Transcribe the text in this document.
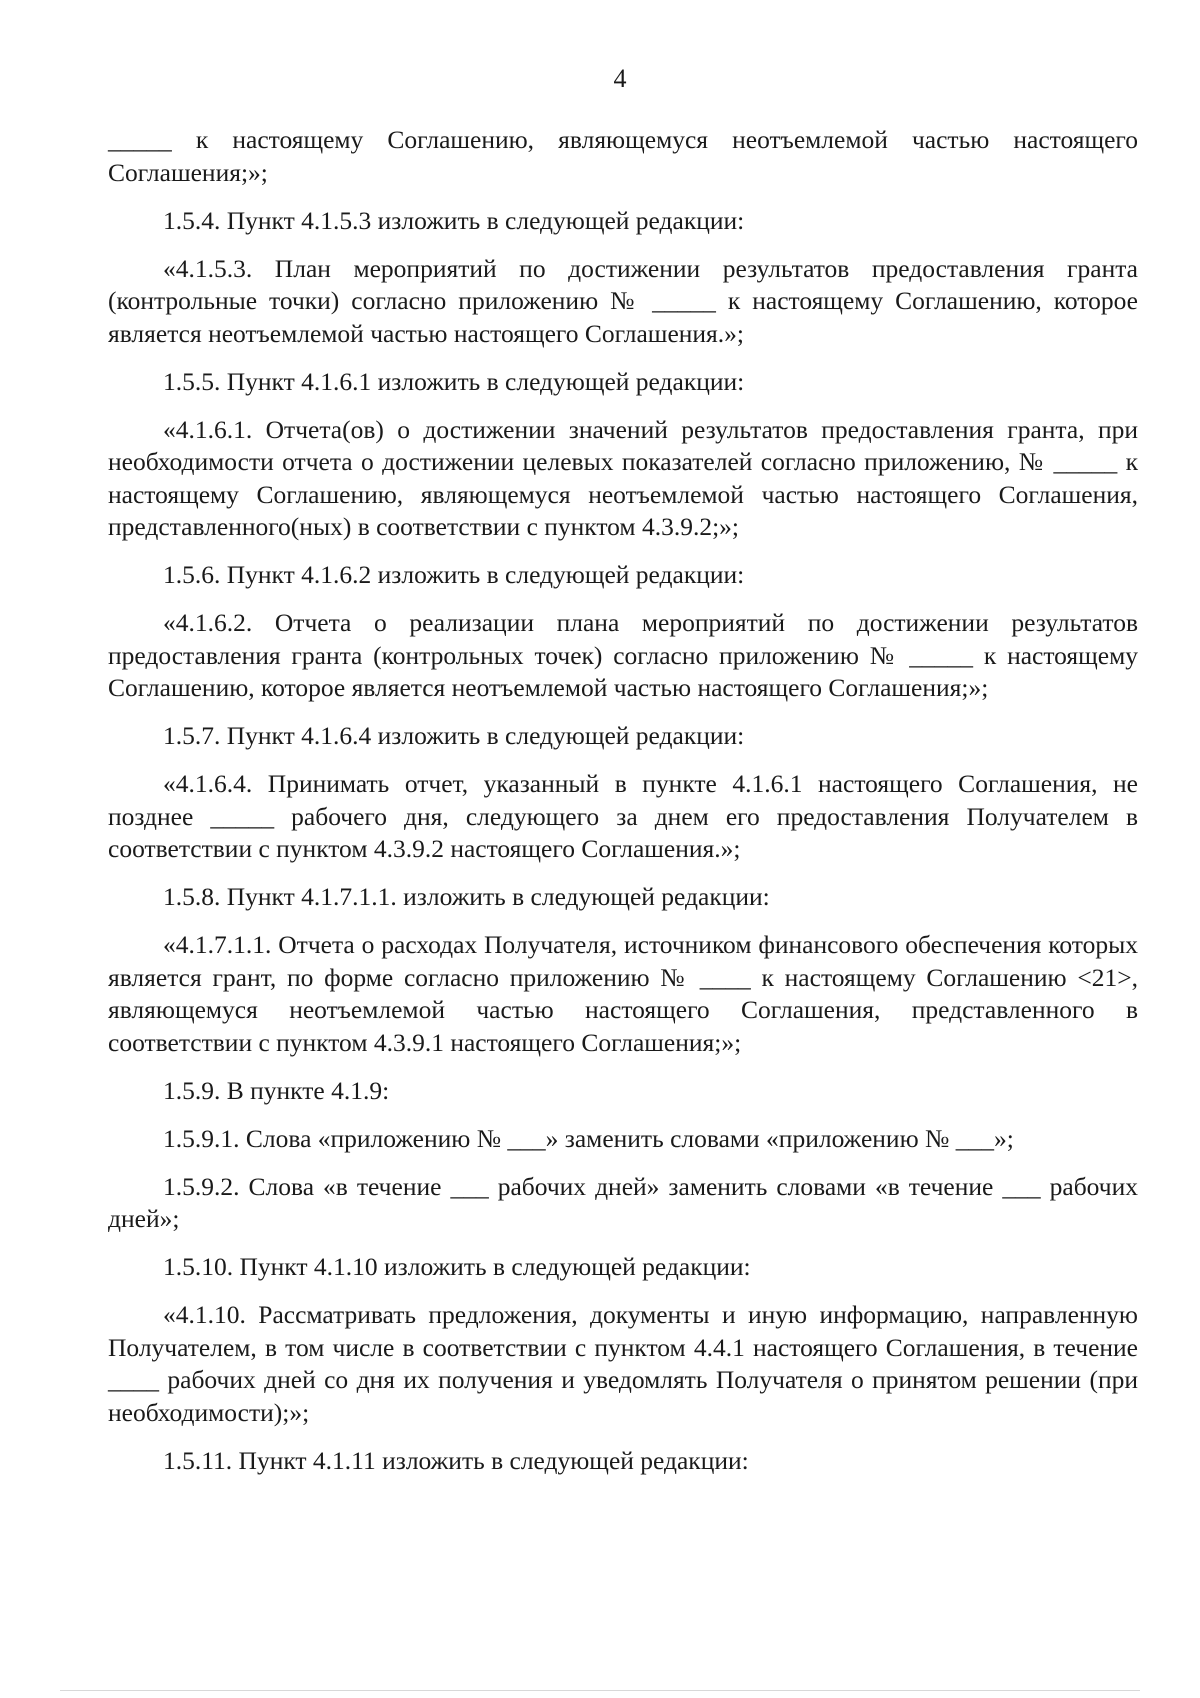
4

_____ к настоящему Соглашению, являющемуся неотъемлемой частью настоящего Соглашения;»;

1.5.4. Пункт 4.1.5.3 изложить в следующей редакции:

«4.1.5.3. План мероприятий по достижении результатов предоставления гранта (контрольные точки) согласно приложению № _____ к настоящему Соглашению, которое является неотъемлемой частью настоящего Соглашения.»;

1.5.5. Пункт 4.1.6.1 изложить в следующей редакции:

«4.1.6.1. Отчета(ов) о достижении значений результатов предоставления гранта, при необходимости отчета о достижении целевых показателей согласно приложению, № _____ к настоящему Соглашению, являющемуся неотъемлемой частью настоящего Соглашения, представленного(ных) в соответствии с пунктом 4.3.9.2;»;

1.5.6. Пункт 4.1.6.2 изложить в следующей редакции:

«4.1.6.2. Отчета о реализации плана мероприятий по достижении результатов предоставления гранта (контрольных точек) согласно приложению № _____ к настоящему Соглашению, которое является неотъемлемой частью настоящего Соглашения;»;

1.5.7. Пункт 4.1.6.4 изложить в следующей редакции:

«4.1.6.4. Принимать отчет, указанный в пункте 4.1.6.1 настоящего Соглашения, не позднее _____ рабочего дня, следующего за днем его предоставления Получателем в соответствии с пунктом 4.3.9.2 настоящего Соглашения.»;

1.5.8. Пункт 4.1.7.1.1. изложить в следующей редакции:

«4.1.7.1.1. Отчета о расходах Получателя, источником финансового обеспечения которых является грант, по форме согласно приложению № ____ к настоящему Соглашению <21>, являющемуся неотъемлемой частью настоящего Соглашения, представленного в соответствии с пунктом 4.3.9.1 настоящего Соглашения;»;

1.5.9. В пункте 4.1.9:

1.5.9.1. Слова «приложению № ___» заменить словами «приложению № ___»;

1.5.9.2. Слова «в течение ___ рабочих дней» заменить словами «в течение ___ рабочих дней»;

1.5.10. Пункт 4.1.10 изложить в следующей редакции:

«4.1.10. Рассматривать предложения, документы и иную информацию, направленную Получателем, в том числе в соответствии с пунктом 4.4.1 настоящего Соглашения, в течение ____ рабочих дней со дня их получения и уведомлять Получателя о принятом решении (при необходимости);»;

1.5.11. Пункт 4.1.11 изложить в следующей редакции:
